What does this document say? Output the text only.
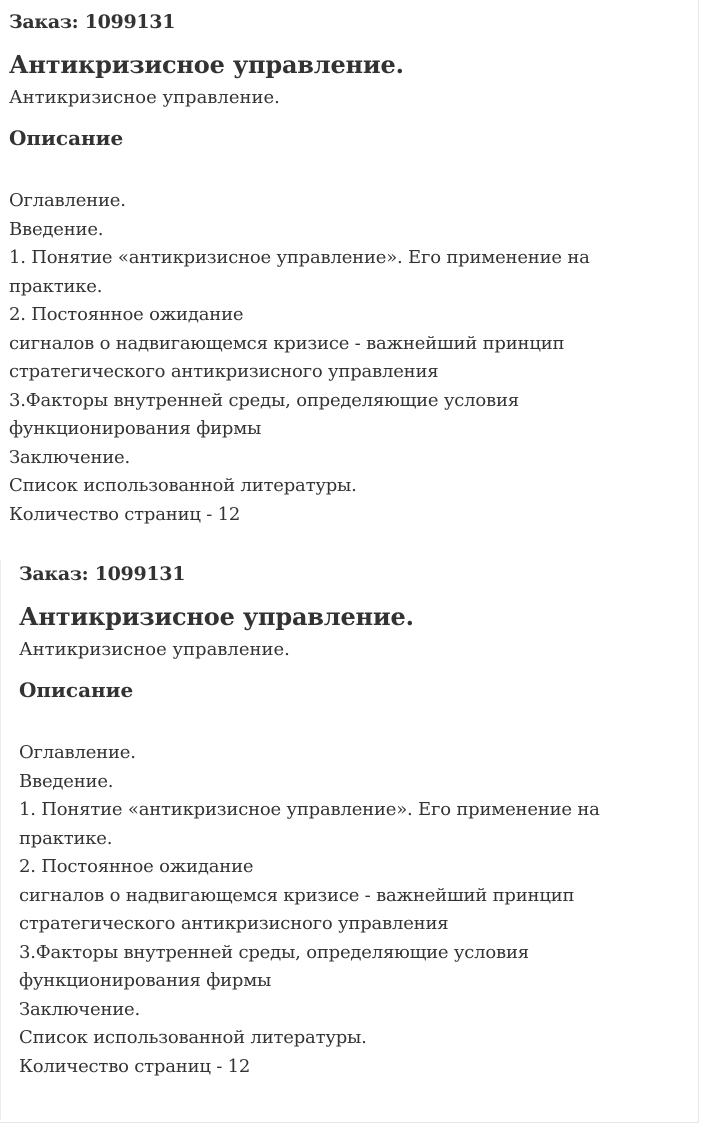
Заказ: 1099131
Антикризисное управление.
Антикризисное управление.
Описание
Оглавление.
Введение.
1. Понятие «антикризисное управление». Его применение на
практике.
2. Постоянное ожидание
сигналов о надвигающемся кризисе - важнейший принцип
стратегического антикризисного управления
3.Факторы внутренней среды, определяющие условия
функционирования фирмы
Заключение.
Список использованной литературы.
Количество страниц - 12
Заказ: 1099131
Антикризисное управление.
Антикризисное управление.
Описание
Оглавление.
Введение.
1. Понятие «антикризисное управление». Его применение на
практике.
2. Постоянное ожидание
сигналов о надвигающемся кризисе - важнейший принцип
стратегического антикризисного управления
3.Факторы внутренней среды, определяющие условия
функционирования фирмы
Заключение.
Список использованной литературы.
Количество страниц - 12
